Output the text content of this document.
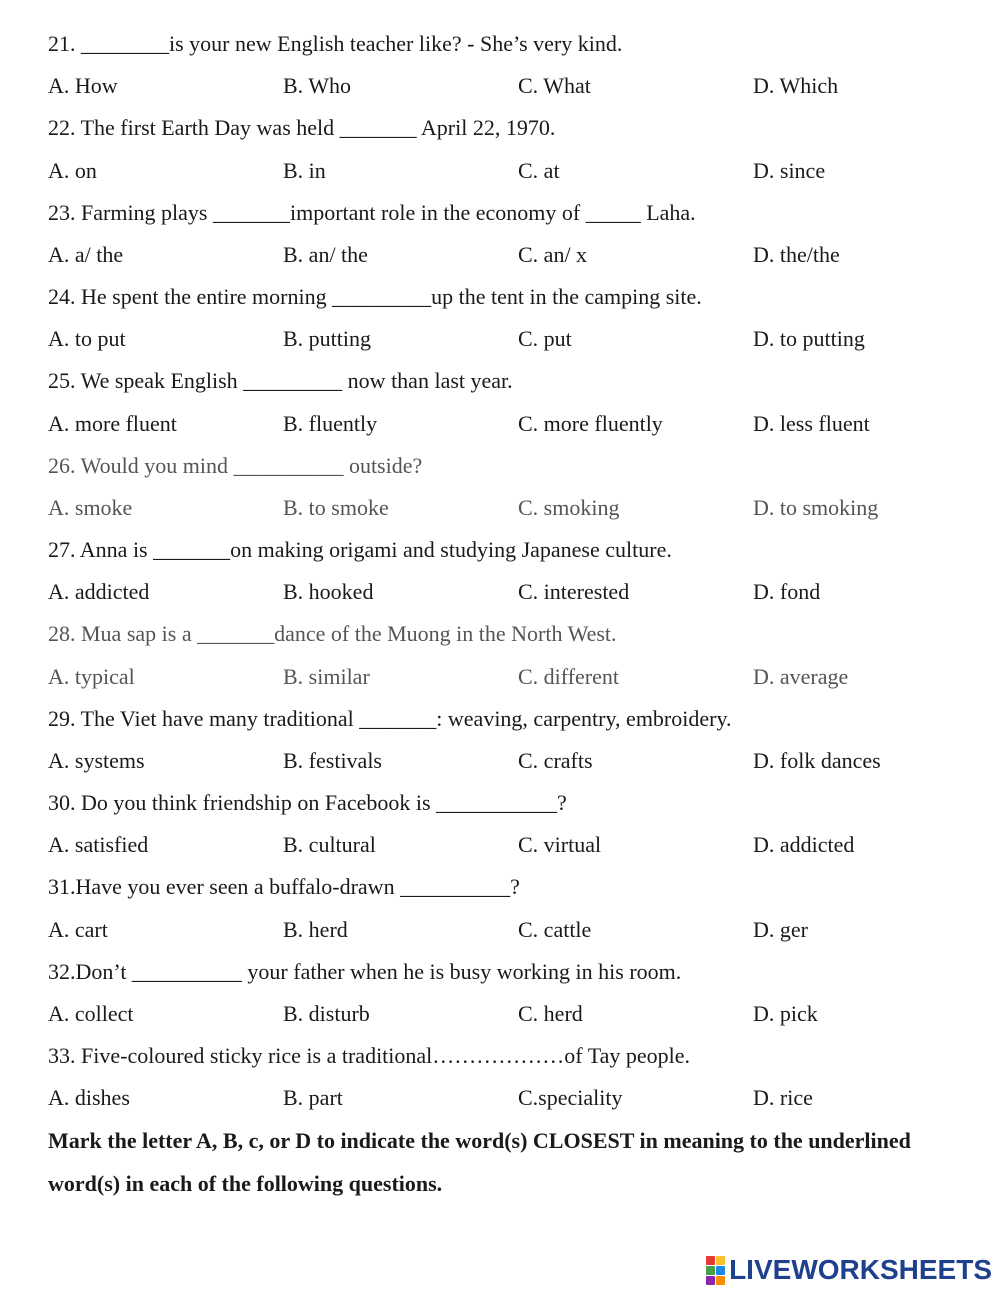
21. ________is your new English teacher like? - She’s very kind.
A. How	B. Who	C. What	D. Which
22. The first Earth Day was held _______ April 22, 1970.
A. on	B. in	C. at	D. since
23. Farming plays _______important role in the economy of _____ Laha.
A. a/ the	B. an/ the	C. an/ x	D. the/the
24. He spent the entire morning _________up the tent in the camping site.
A. to put	B. putting	C. put	D. to putting
25. We speak English _________ now than last year.
A. more fluent	B. fluently	C. more fluently	D. less fluent
26. Would you mind __________ outside?
A. smoke	B. to smoke	C. smoking	D. to smoking
27. Anna is _______on making origami and studying Japanese culture.
A. addicted	B. hooked	C. interested	D. fond
28. Mua sap is a _______dance of the Muong in the North West.
A. typical	B. similar	C. different	D. average
29. The Viet have many traditional _______: weaving, carpentry, embroidery.
A. systems	B. festivals	C. crafts	D. folk dances
30. Do you think friendship on Facebook is ___________?
A. satisfied	B. cultural	C. virtual	D. addicted
31.Have you ever seen a buffalo-drawn __________?
A. cart	B. herd	C. cattle	D. ger
32.Don’t __________ your father when he is busy working in his room.
A. collect	B. disturb	C. herd	D. pick
33. Five-coloured sticky rice is a traditional………………of Tay people.
A. dishes	B. part	C.speciality	D. rice
Mark the letter A, B, c, or D to indicate the word(s) CLOSEST in meaning to the underlined word(s) in each of the following questions.
LIVEWORKSHEETS
